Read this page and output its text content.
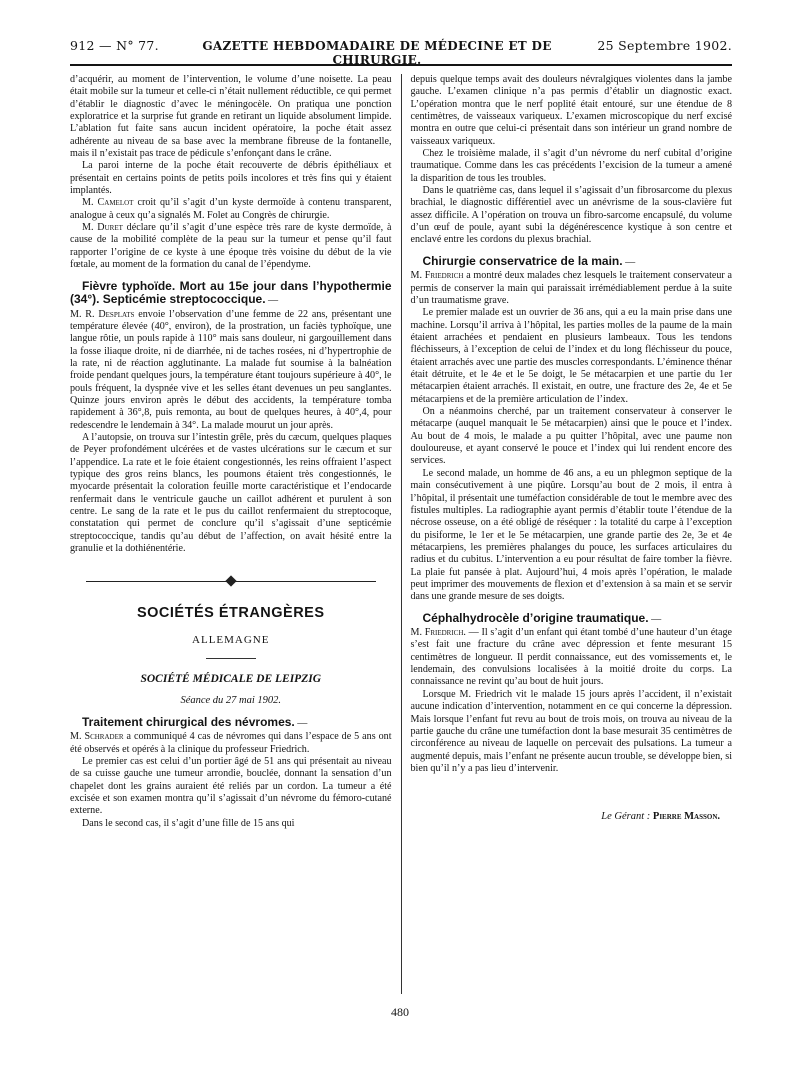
912 — N° 77.	GAZETTE HEBDOMADAIRE DE MÉDECINE ET DE CHIRURGIE.
25 Septembre 1902.

d’acquérir, au moment de l’intervention, le volume d’une noisette. La peau était mobile sur la tumeur et celle-ci n’était nullement réductible, ce qui permet d’établir le diagnostic d’avec le méningocèle. On pratiqua une ponction exploratrice et la surprise fut grande en retirant un liquide absolument limpide. L’ablation fut faite sans aucun incident opératoire, la poche était assez adhérente au niveau de sa base avec la membrane fibreuse de la fontanelle, mais il n’existait pas trace de pédicule s’enfonçant dans le crâne.

La paroi interne de la poche était recouverte de débris épithéliaux et présentait en certains points de petits poils incolores et très fins qui y étaient implantés.

M. Camelot croit qu’il s’agit d’un kyste dermoïde à contenu transparent, analogue à ceux qu’a signalés M. Folet au Congrès de chirurgie.

M. Duret déclare qu’il s’agit d’une espèce très rare de kyste dermoïde, à cause de la mobilité complète de la peau sur la tumeur et pense qu’il faut rapporter l’origine de ce kyste à une époque très voisine du début de la vie fœtale, au moment de la formation du canal de l’épendyme.

Fièvre typhoïde. Mort au 15e jour dans l’hypothermie (34°). Septicémie streptococcique. —

M. R. Desplats envoie l’observation d’une femme de 22 ans, présentant une température élevée (40°, environ), de la prostration, un faciès typhoïque, une langue rôtie, un pouls rapide à 110° mais sans douleur, ni gargouillement dans la fosse iliaque droite, ni de diarrhée, ni de taches rosées, ni d’hypertrophie de la rate, ni de réaction agglutinante. La malade fut soumise à la balnéation froide pendant quelques jours, la température étant toujours supérieure à 40°, le pouls fréquent, la dyspnée vive et les selles étant devenues un peu sanglantes. Quinze jours environ après le début des accidents, la température tomba rapidement à 36°,8, puis remonta, au bout de quelques heures, à 40°,4, pour redescendre le lendemain à 34°. La malade mourut un jour après.

A l’autopsie, on trouva sur l’intestin grêle, près du cæcum, quelques plaques de Peyer profondément ulcérées et de vastes ulcérations sur le cæcum et sur l’appendice. La rate et le foie étaient congestionnés, les reins offraient l’aspect typique des gros reins blancs, les poumons étaient très congestionnés, le myocarde présentait la coloration feuille morte caractéristique et l’endocarde renfermait dans le ventricule gauche un caillot adhérent et purulent à son centre. Le sang de la rate et le pus du caillot renfermaient du streptocoque, constatation qui permet de conclure qu’il s’agissait d’une septicémie streptococcique, tandis qu’au début de l’affection, on avait hésité entre la granulie et la dothiénentérie.

SOCIÉTÉS ÉTRANGÈRES
ALLEMAGNE
SOCIÉTÉ MÉDICALE DE LEIPZIG
Séance du 27 mai 1902.
Traitement chirurgical des névromes. —

M. Schrader a communiqué 4 cas de névromes qui dans l’espace de 5 ans ont été observés et opérés à la clinique du professeur Friedrich.

Le premier cas est celui d’un portier âgé de 51 ans qui présentait au niveau de sa cuisse gauche une tumeur arrondie, bouclée, donnant la sensation d’un chapelet dont les grains auraient été reliés par un cordon. La tumeur a été excisée et son examen montra qu’il s’agissait d’un névrome du fémoro-cutané externe.

Dans le second cas, il s’agit d’une fille de 15 ans qui

depuis quelque temps avait des douleurs névralgiques violentes dans la jambe gauche. L’examen clinique n’a pas permis d’établir un diagnostic exact. L’opération montra que le nerf poplité était entouré, sur une étendue de 8 centimètres, de vaisseaux variqueux. L’examen microscopique du nerf excisé montra en outre que celui-ci présentait dans son intérieur un grand nombre de vaisseaux variqueux.

Chez le troisième malade, il s’agit d’un névrome du nerf cubital d’origine traumatique. Comme dans les cas précédents l’excision de la tumeur a amené la disparition de tous les troubles.

Dans le quatrième cas, dans lequel il s’agissait d’un fibrosarcome du plexus brachial, le diagnostic différentiel avec un anévrisme de la sous-clavière fut assez difficile. A l’opération on trouva un fibro-sarcome encapsulé, du volume d’un œuf de poule, ayant subi la dégénérescence kystique à son centre et enclavé entre les cordons du plexus brachial.

Chirurgie conservatrice de la main. —

M. Friedrich a montré deux malades chez lesquels le traitement conservateur a permis de conserver la main qui paraissait irrémédiablement perdue à la suite d’un traumatisme grave.

Le premier malade est un ouvrier de 36 ans, qui a eu la main prise dans une machine. Lorsqu’il arriva à l’hôpital, les parties molles de la paume de la main étaient arrachées et pendaient en plusieurs lambeaux. Tous les tendons fléchisseurs, à l’exception de celui de l’index et du long fléchisseur du pouce, étaient arrachés avec une partie des muscles correspondants. L’éminence thénar était détruite, et le 4e et le 5e doigt, le 5e métacarpien et une partie du 1er métacarpien étaient arrachés. Il existait, en outre, une fracture des 2e, 4e et 5e métacarpiens et de la première articulation de l’index.

On a néanmoins cherché, par un traitement conservateur à conserver le métacarpe (auquel manquait le 5e métacarpien) ainsi que le pouce et l’index. Au bout de 4 mois, le malade a pu quitter l’hôpital, avec une paume non douloureuse, et ayant conservé le pouce et l’index qui lui rendent encore des services.

Le second malade, un homme de 46 ans, a eu un phlegmon septique de la main consécutivement à une piqûre. Lorsqu’au bout de 2 mois, il entra à l’hôpital, il présentait une tuméfaction considérable de tout le membre avec des fistules multiples. La radiographie ayant permis d’établir toute l’étendue de la nécrose osseuse, on a été obligé de réséquer : la totalité du carpe à l’exception du pisiforme, le 1er et le 5e métacarpien, une grande partie des 2e, 3e et 4e métacarpiens, les premières phalanges du pouce, les surfaces articulaires du radius et du cubitus. L’intervention a eu pour résultat de faire tomber la fièvre. La plaie fut pansée à plat. Aujourd’hui, 4 mois après l’opération, le malade peut imprimer des mouvements de flexion et d’extension à sa main et se servir dans une grande mesure de ses doigts.

Céphalhydrocèle d’origine traumatique. —

M. Friedrich. — Il s’agit d’un enfant qui étant tombé d’une hauteur d’un étage s’est fait une fracture du crâne avec dépression et fente mesurant 15 centimètres de longueur. Il perdit connaissance, eut des vomissements et, le lendemain, des convulsions localisées à la moitié droite du corps. La connaissance ne revint qu’au bout de huit jours.

Lorsque M. Friedrich vit le malade 15 jours après l’accident, il n’existait aucune indication d’intervention, notamment en ce qui concerne la dépression. Mais lorsque l’enfant fut revu au bout de trois mois, on trouva au niveau de la partie gauche du crâne une tuméfaction dont la base mesurait 35 centimètres de circonférence au niveau de laquelle on percevait des pulsations. La tumeur a augmenté depuis, mais l’enfant ne présente aucun trouble, se développe bien, si bien qu’il n’y a pas lieu d’intervenir.

Le Gérant : Pierre Masson.
480
